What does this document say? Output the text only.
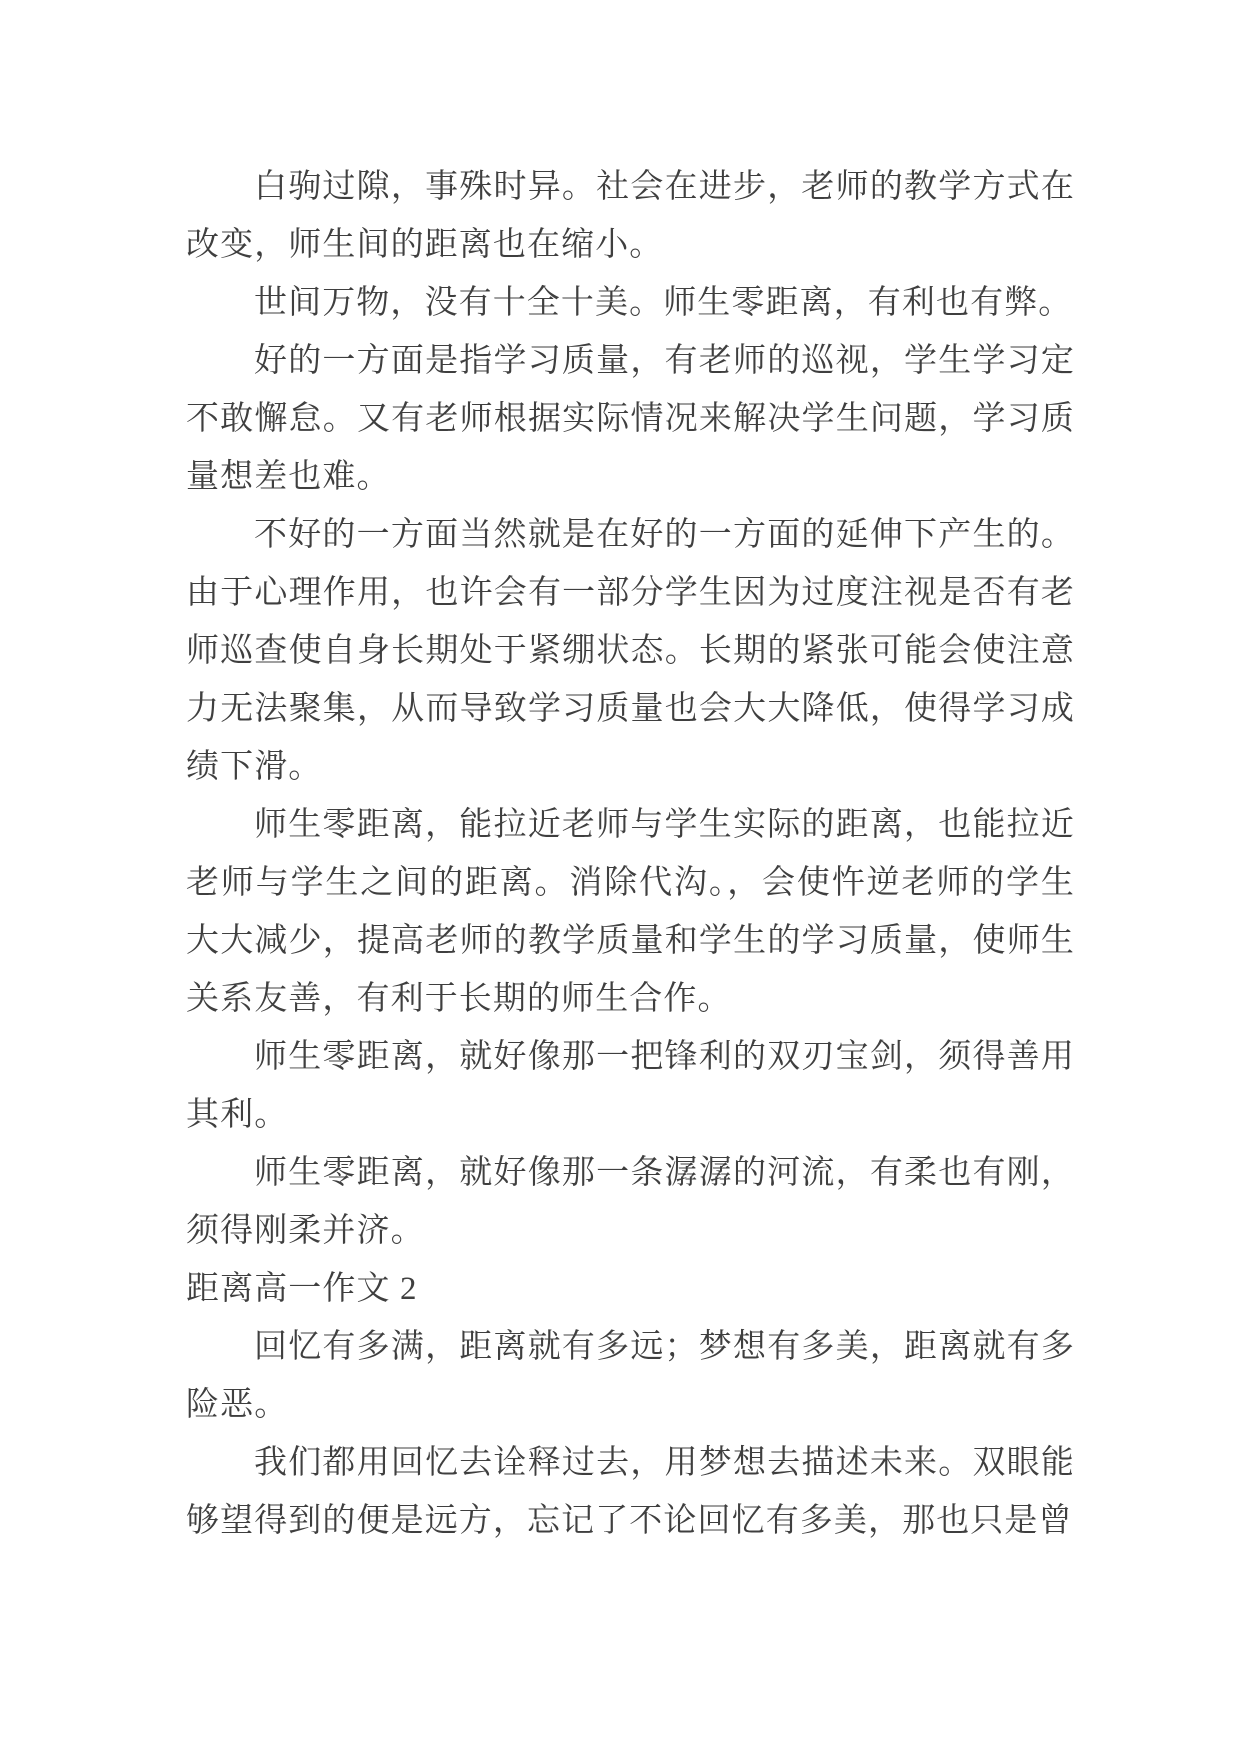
白驹过隙，事殊时异。社会在进步，老师的教学方式在改变，师生间的距离也在缩小。

世间万物，没有十全十美。师生零距离，有利也有弊。

好的一方面是指学习质量，有老师的巡视，学生学习定不敢懈怠。又有老师根据实际情况来解决学生问题，学习质量想差也难。

不好的一方面当然就是在好的一方面的延伸下产生的。由于心理作用，也许会有一部分学生因为过度注视是否有老师巡查使自身长期处于紧绷状态。长期的紧张可能会使注意力无法聚集，从而导致学习质量也会大大降低，使得学习成绩下滑。

师生零距离，能拉近老师与学生实际的距离，也能拉近老师与学生之间的距离。消除代沟。，会使忤逆老师的学生大大减少，提高老师的教学质量和学生的学习质量，使师生关系友善，有利于长期的师生合作。

师生零距离，就好像那一把锋利的双刃宝剑，须得善用其利。

师生零距离，就好像那一条潺潺的河流，有柔也有刚，须得刚柔并济。

距离高一作文 2

回忆有多满，距离就有多远；梦想有多美，距离就有多险恶。

我们都用回忆去诠释过去，用梦想去描述未来。双眼能够望得到的便是远方，忘记了不论回忆有多美，那也只是曾
